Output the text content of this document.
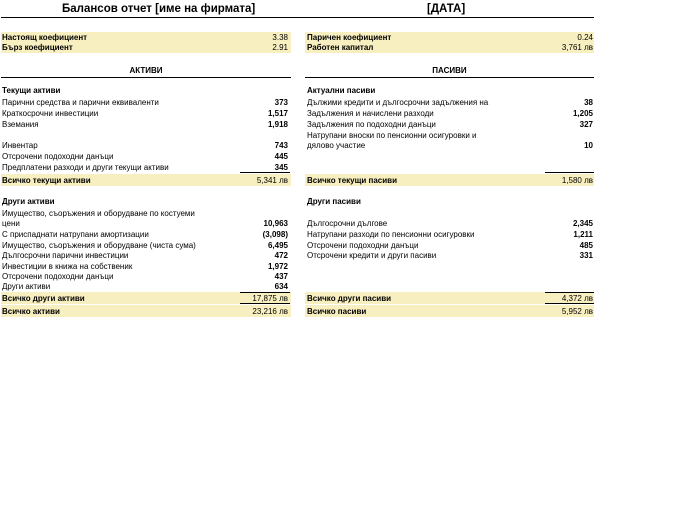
Балансов отчет [име на фирмата]	[ДАТА]
Настоящ коефициент	3.38
Бърз коефициент	2.91
Паричен коефициент	0.24
Работен капитал	3,761 лв
АКТИВИ	ПАСИВИ
Текущи активи
Парични средства и парични еквиваленти	373
Краткосрочни инвестиции	1,517
Вземания	1,918
Инвентар	743
Отсрочени подоходни данъци	445
Предплатени разходи и други текущи активи	345
Всичко текущи активи	5,341 лв
Други активи
Имущество, съоръжения и оборудване по костуеми
цени	10,963
С приспаднати натрупани амортизации	(3,098)
Имущество, съоръжения и оборудване (чиста сума)	6,495
Дългосрочни парични инвестиции	472
Инвестиции в книжа на собственик	1,972
Отсрочени подоходни данъци	437
Други активи	634
Всичко други активи	17,875 лв
Всичко активи	23,216 лв
Актуални пасиви
Дължими кредити и дългосрочни задължения на	38
Задължения и начислени разходи	1,205
Задължения по подоходни данъци	327
Натрупани вноски по пенсионни осигуровки и
дялово участие	10
Всичко текущи пасиви	1,580 лв
Други пасиви
Дългосрочни дългове	2,345
Натрупани разходи по пенсионни осигуровки	1,211
Отсрочени подоходни данъци	485
Отсрочени кредити и други пасиви	331
Всичко други пасиви	4,372 лв
Всичко пасиви	5,952 лв
